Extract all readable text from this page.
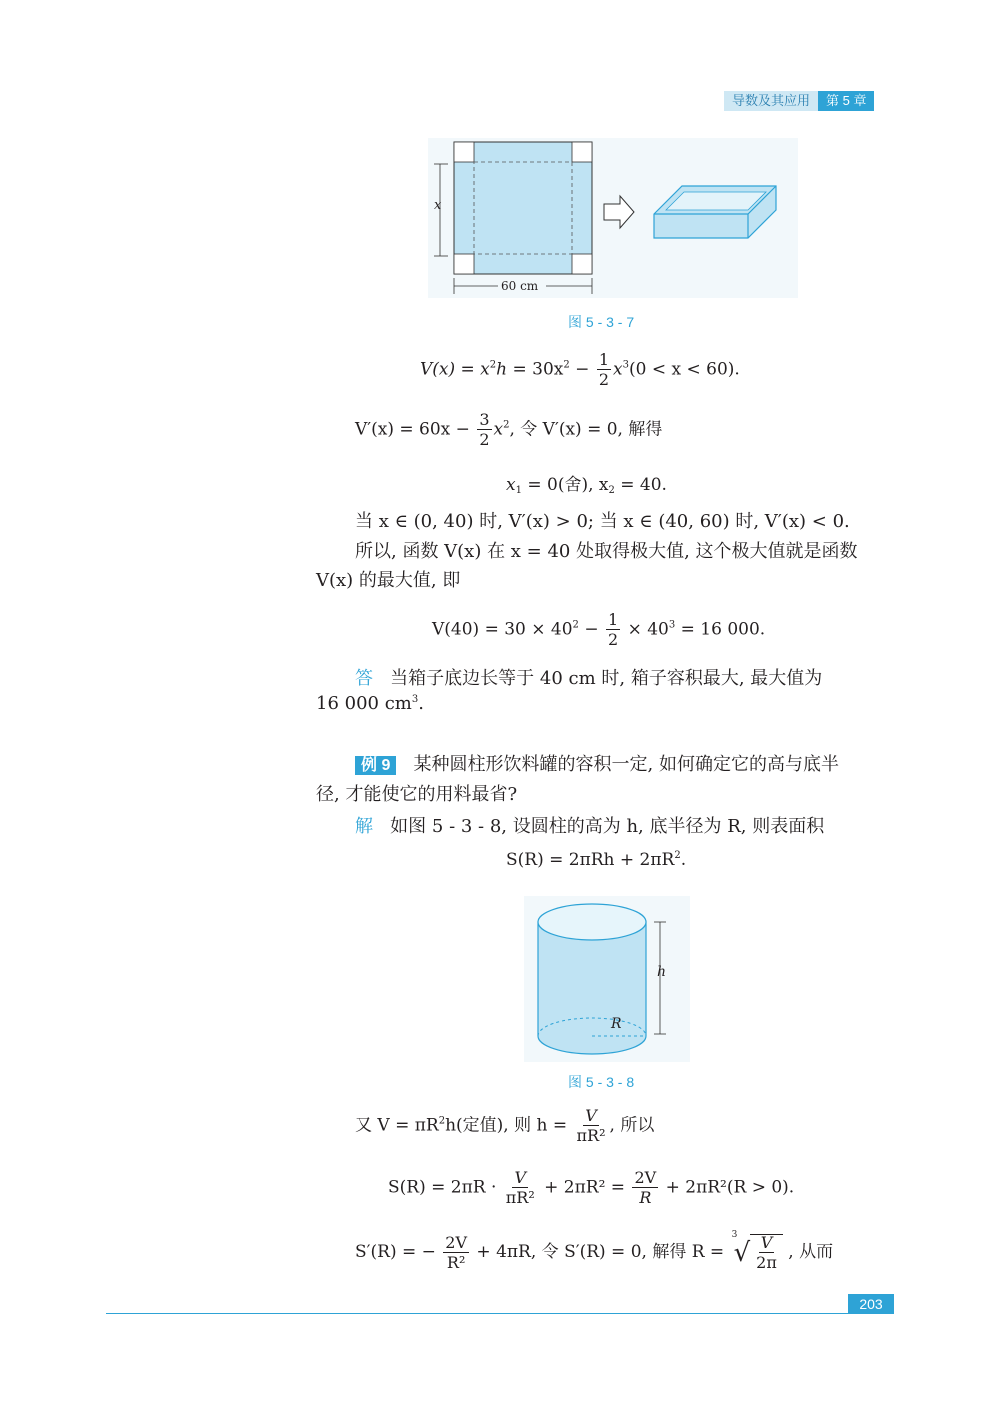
导数及其应用	第 5 章
x
60 cm
图 5 - 3 - 7
$V(x) = x^2h = 30x^2 - \frac{1}{2} x^3(0 < x < 60)$.
$V'(x) = 60x - \frac{3}{2} x^2$, 令 V′(x) = 0, 解得
$x_1 = 0$(舍), $x_2 = 40$.
当 x ∈ (0, 40) 时, V′(x) > 0; 当 x ∈ (40, 60) 时, V′(x) < 0.
所以, 函数 V(x) 在 x = 40 处取得极大值, 这个极大值就是函数
V(x) 的最大值, 即
$V(40) = 30 \times 40^2 - \frac{1}{2} \times 40^3 = 16$ 000.
答 当箱子底边长等于 40 cm 时, 箱子容积最大, 最大值为
16 000 $cm^3$.
例 9 某种圆柱形饮料罐的容积一定, 如何确定它的高与底半
径, 才能使它的用料最省?
解 如图 5 - 3 - 8, 设圆柱的高为 h, 底半径为 R, 则表面积
$S(R) = 2\pi Rh + 2\pi R^2$.
h
R
图 5 - 3 - 8
又 $V = \pi R^2h$(定值), 则 $h = \frac{V}{\text{πR²}}$ , 所以
$S(R) = 2\pi R \cdot \frac{V}{\text{πR²}} + 2\pi R^2 = \frac{2V}{R} + 2\pi R^2(R > 0)$.
S′(R) = − $\frac{2V}{\text{R²}} + 4\pi R$, 令 S′(R) = 0, 解得 R =
3
√ $\frac{V}{2\pi}$ , 从而
203
